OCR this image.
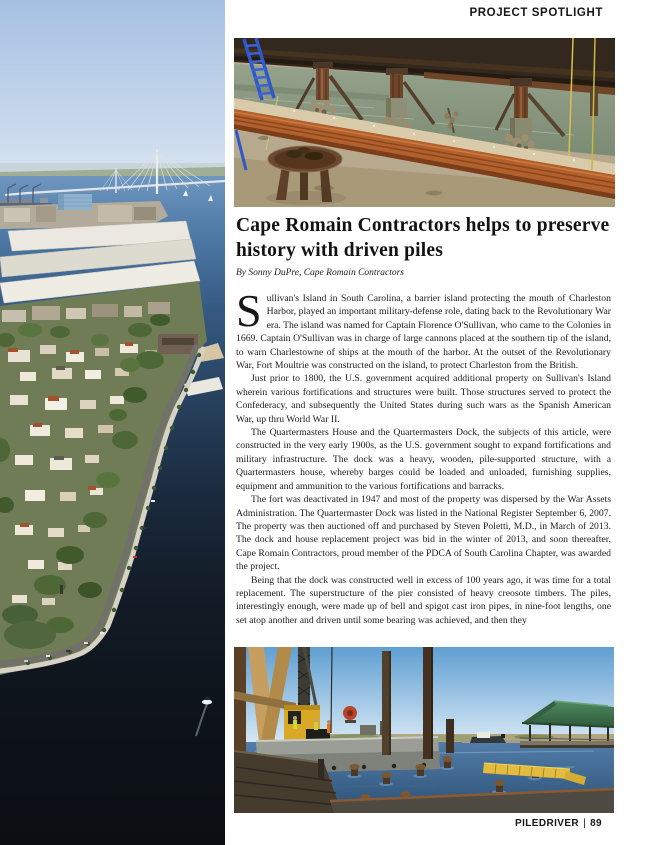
PROJECT SPOTLIGHT
Cape Romain Contractors helps to preserve
history with driven piles
By Sonny DuPre, Cape Romain Contractors

Sullivan's Island in South Carolina, a barrier island protecting the mouth of Charleston Harbor, played an important military-defense role, dating back to the Revolutionary War era. The island was named for Captain Florence O'Sullivan, who came to the Colonies in 1669. Captain O'Sullivan was in charge of large cannons placed at the southern tip of the island, to warn Charlestowne of ships at the mouth of the harbor. At the outset of the Revolutionary War, Fort Moultrie was constructed on the island, to protect Charleston from the British.

Just prior to 1800, the U.S. government acquired additional property on Sullivan's Island wherein various fortifications and structures were built. Those structures served to protect the Confederacy, and subsequently the United States during such wars as the Spanish American War, up thru World War II.

The Quartermasters House and the Quartermasters Dock, the subjects of this article, were constructed in the very early 1900s, as the U.S. government sought to expand fortifications and military infrastructure. The dock was a heavy, wooden, pile-supported structure, with a Quartermasters house, whereby barges could be loaded and unloaded, furnishing supplies, equipment and ammunition to the various fortifications and barracks.

The fort was deactivated in 1947 and most of the property was dispersed by the War Assets Administration. The Quartermaster Dock was listed in the National Register September 6, 2007. The property was then auctioned off and purchased by Steven Poletti, M.D., in March of 2013. The dock and house replacement project was bid in the winter of 2013, and soon thereafter, Cape Romain Contractors, proud member of the PDCA of South Carolina Chapter, was awarded the project.

Being that the dock was constructed well in excess of 100 years ago, it was time for a total replacement. The superstructure of the pier consisted of heavy creosote timbers. The piles, interestingly enough, were made up of bell and spigot cast iron pipes, in nine-foot lengths, one set atop another and driven until some bearing was achieved, and then they

PILEDRIVER | 89
